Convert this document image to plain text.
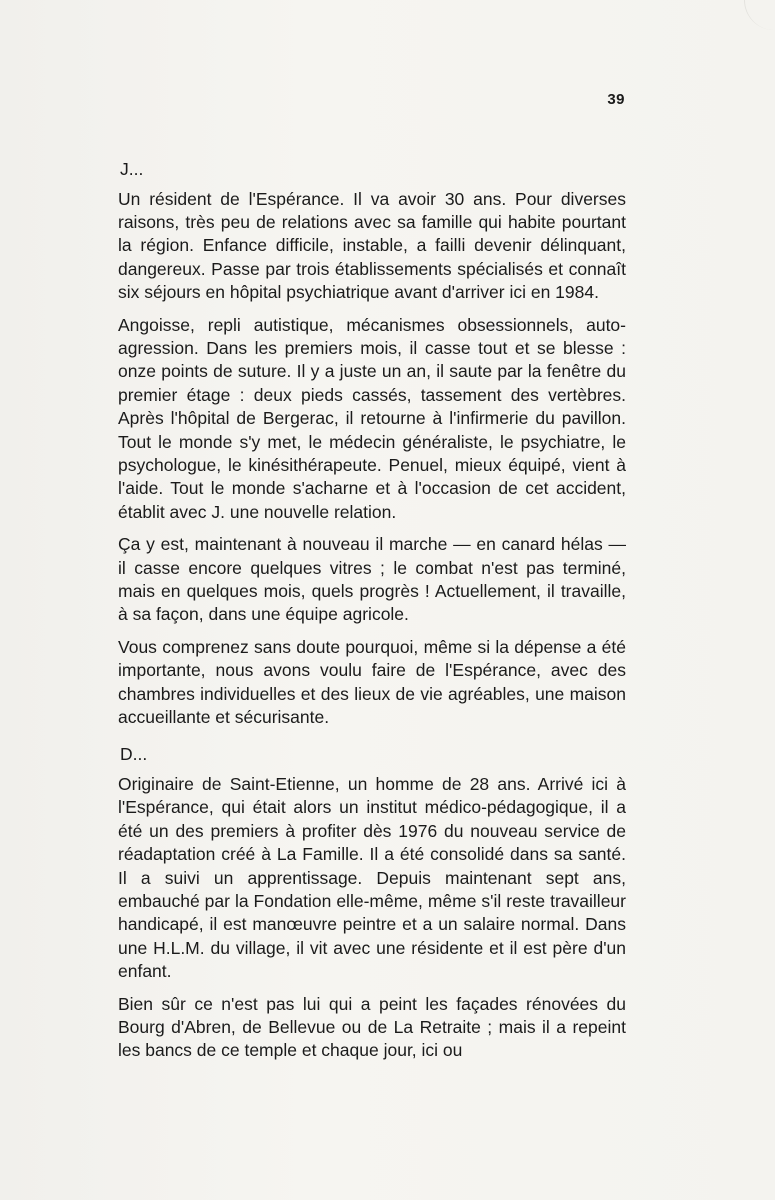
39
J...

Un résident de l'Espérance. Il va avoir 30 ans. Pour diverses raisons, très peu de relations avec sa famille qui habite pourtant la région. Enfance difficile, instable, a failli devenir délinquant, dangereux. Passe par trois établissements spécialisés et connaît six séjours en hôpital psychiatrique avant d'arriver ici en 1984.

Angoisse, repli autistique, mécanismes obsessionnels, auto-agression. Dans les premiers mois, il casse tout et se blesse : onze points de suture. Il y a juste un an, il saute par la fenêtre du premier étage : deux pieds cassés, tassement des vertèbres. Après l'hôpital de Bergerac, il retourne à l'infirmerie du pavillon. Tout le monde s'y met, le médecin généraliste, le psychiatre, le psychologue, le kinésithérapeute. Penuel, mieux équipé, vient à l'aide. Tout le monde s'acharne et à l'occasion de cet accident, établit avec J. une nouvelle relation.

Ça y est, maintenant à nouveau il marche — en canard hélas — il casse encore quelques vitres ; le combat n'est pas terminé, mais en quelques mois, quels progrès ! Actuellement, il travaille, à sa façon, dans une équipe agricole.

Vous comprenez sans doute pourquoi, même si la dépense a été importante, nous avons voulu faire de l'Espérance, avec des chambres individuelles et des lieux de vie agréables, une maison accueillante et sécurisante.

D...

Originaire de Saint-Etienne, un homme de 28 ans. Arrivé ici à l'Espérance, qui était alors un institut médico-pédagogique, il a été un des premiers à profiter dès 1976 du nouveau service de réadaptation créé à La Famille. Il a été consolidé dans sa santé. Il a suivi un apprentissage. Depuis maintenant sept ans, embauché par la Fondation elle-même, même s'il reste travailleur handicapé, il est manœuvre peintre et a un salaire normal. Dans une H.L.M. du village, il vit avec une résidente et il est père d'un enfant.

Bien sûr ce n'est pas lui qui a peint les façades rénovées du Bourg d'Abren, de Bellevue ou de La Retraite ; mais il a repeint les bancs de ce temple et chaque jour, ici ou
